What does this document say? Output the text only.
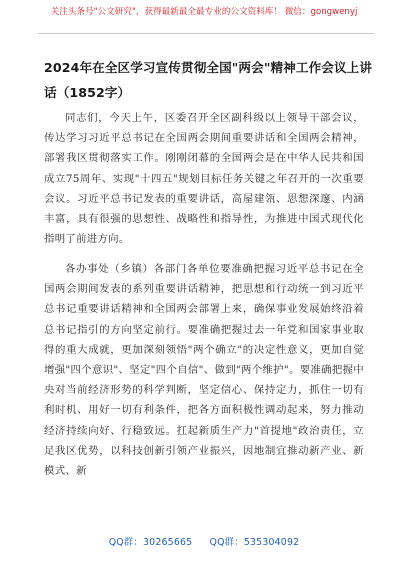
关注头条号"公文研究"，获得最新最全最专业的公文资料库！ 微信：gongwenyj
2024年在全区学习宣传贯彻全国"两会"精神工作会议上讲话（1852字）
同志们，今天上午，区委召开全区副科级以上领导干部会议，传达学习习近平总书记在全国两会期间重要讲话和全国两会精神，部署我区贯彻落实工作。刚刚闭幕的全国两会是在中华人民共和国成立75周年、实现"十四五"规划目标任务关键之年召开的一次重要会议。习近平总书记发表的重要讲话，高屋建瓴、思想深邃、内涵丰富，具有很强的思想性、战略性和指导性，为推进中国式现代化指明了前进方向。
各办事处（乡镇）各部门各单位要准确把握习近平总书记在全国两会期间发表的系列重要讲话精神，把思想和行动统一到习近平总书记重要讲话精神和全国两会部署上来，确保事业发展始终沿着总书记指引的方向坚定前行。要准确把握过去一年党和国家事业取得的重大成就，更加深刻领悟"两个确立"的决定性意义，更加自觉增强"四个意识"、坚定"四个自信"、做到"两个维护"。要准确把握中央对当前经济形势的科学判断，坚定信心、保持定力，抓住一切有利时机、用好一切有利条件，把各方面积极性调动起来，努力推动经济持续向好、行稳致远。扛起新质生产力"首提地"政治责任，立足我区优势，以科技创新引领产业振兴，因地制宜推动新产业、新模式、新
QQ群：30265665 QQ群：535304092
